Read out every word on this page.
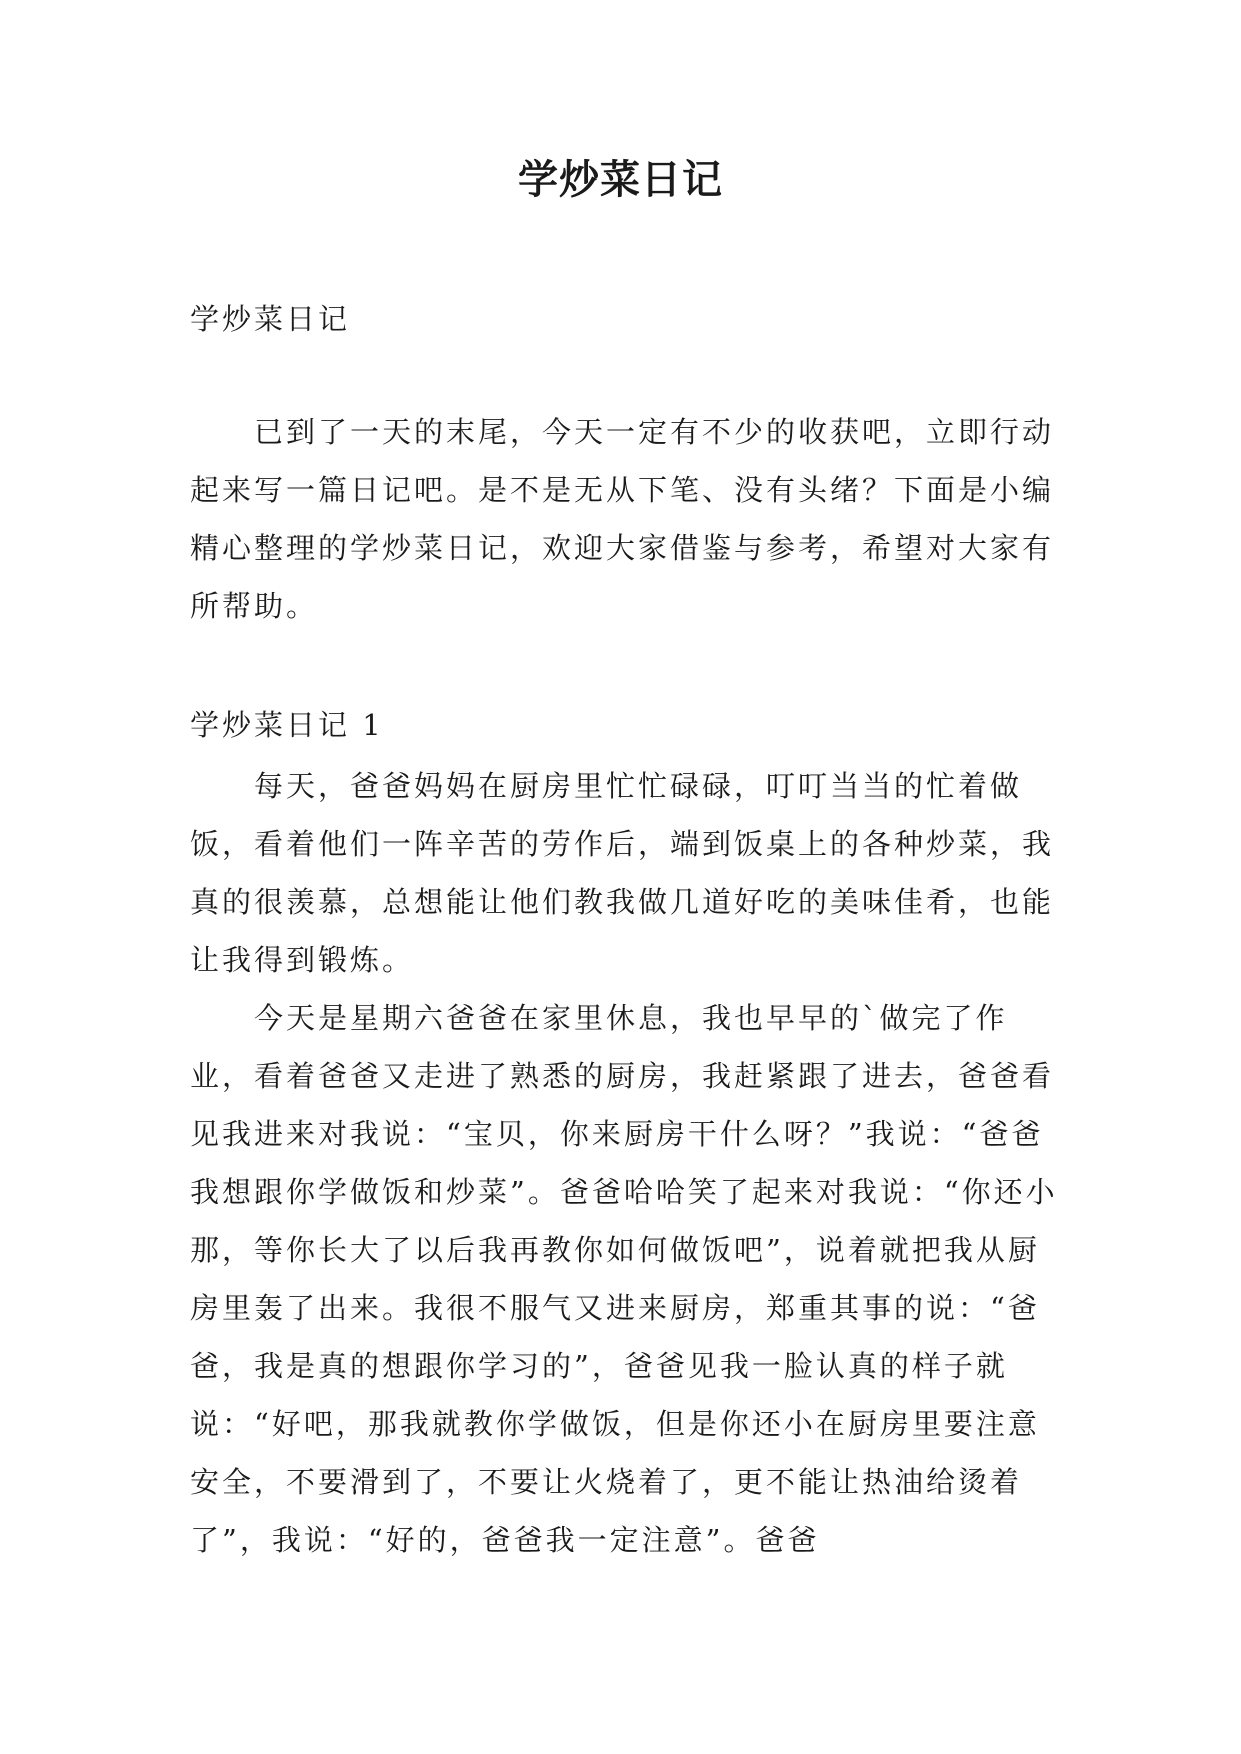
学炒菜日记

学炒菜日记

已到了一天的末尾，今天一定有不少的收获吧，立即行动起来写一篇日记吧。是不是无从下笔、没有头绪？下面是小编精心整理的学炒菜日记，欢迎大家借鉴与参考，希望对大家有所帮助。

学炒菜日记 1

每天，爸爸妈妈在厨房里忙忙碌碌，叮叮当当的忙着做饭，看着他们一阵辛苦的劳作后，端到饭桌上的各种炒菜，我真的很羡慕，总想能让他们教我做几道好吃的美味佳肴，也能让我得到锻炼。

今天是星期六爸爸在家里休息，我也早早的`做完了作业，看着爸爸又走进了熟悉的厨房，我赶紧跟了进去，爸爸看见我进来对我说：“宝贝，你来厨房干什么呀？”我说：“爸爸我想跟你学做饭和炒菜”。爸爸哈哈笑了起来对我说：“你还小那，等你长大了以后我再教你如何做饭吧”，说着就把我从厨房里轰了出来。我很不服气又进来厨房，郑重其事的说：“爸爸，我是真的想跟你学习的”，爸爸见我一脸认真的样子就说：“好吧，那我就教你学做饭，但是你还小在厨房里要注意安全，不要滑到了，不要让火烧着了，更不能让热油给烫着了”，我说：“好的，爸爸我一定注意”。爸爸
